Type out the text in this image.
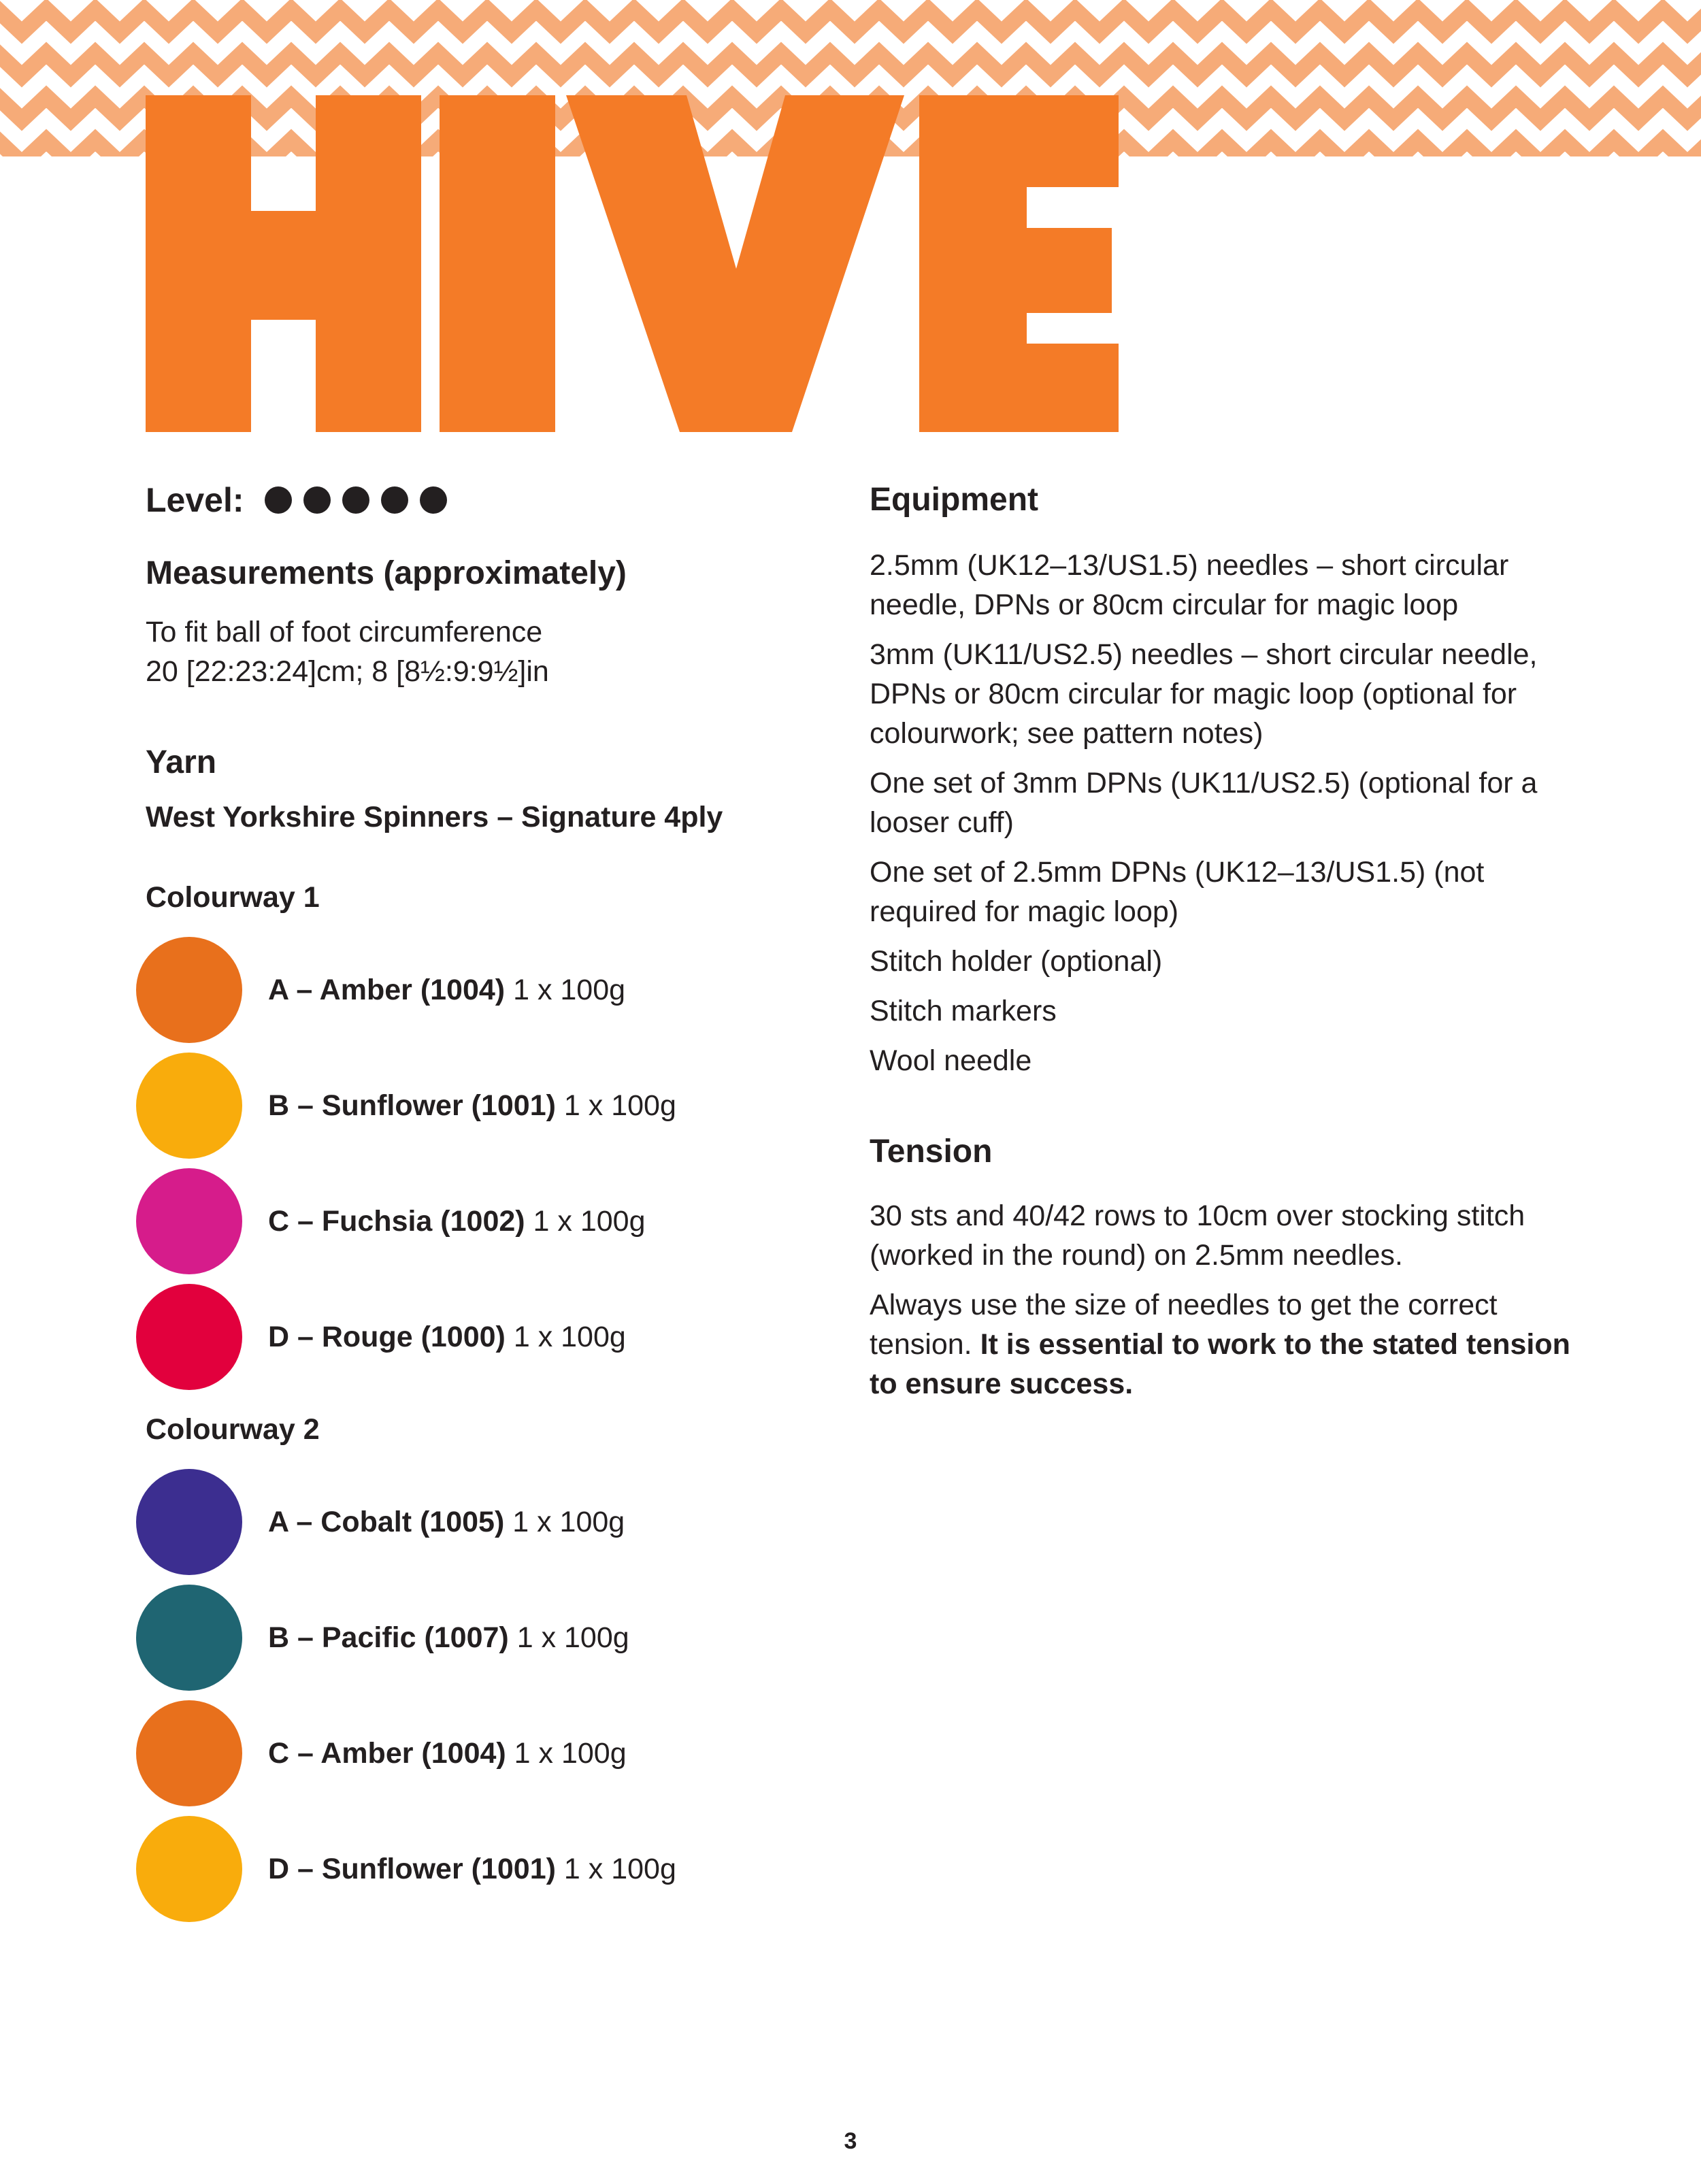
Level:
Measurements (approximately)

To fit ball of foot circumference

20 [22:23:24]cm; 8 [8½:9:9½]in

Yarn

West Yorkshire Spinners – Signature 4ply

Colourway 1

A – Amber (1004) 1 x 100g
B – Sunflower (1001) 1 x 100g
C – Fuchsia (1002) 1 x 100g
D – Rouge (1000) 1 x 100g

Colourway 2

A – Cobalt (1005) 1 x 100g
B – Pacific (1007) 1 x 100g
C – Amber (1004) 1 x 100g
D – Sunflower (1001) 1 x 100g
Equipment

2.5mm (UK12–13/US1.5) needles – short circular needle, DPNs or 80cm circular for magic loop

3mm (UK11/US2.5) needles – short circular needle, DPNs or 80cm circular for magic loop (optional for colourwork; see pattern notes)

One set of 3mm DPNs (UK11/US2.5) (optional for a looser cuff)

One set of 2.5mm DPNs (UK12–13/US1.5) (not required for magic loop)

Stitch holder (optional)

Stitch markers

Wool needle

Tension

30 sts and 40/42 rows to 10cm over stocking stitch (worked in the round) on 2.5mm needles.

Always use the size of needles to get the correct tension. It is essential to work to the stated tension to ensure success.

3
